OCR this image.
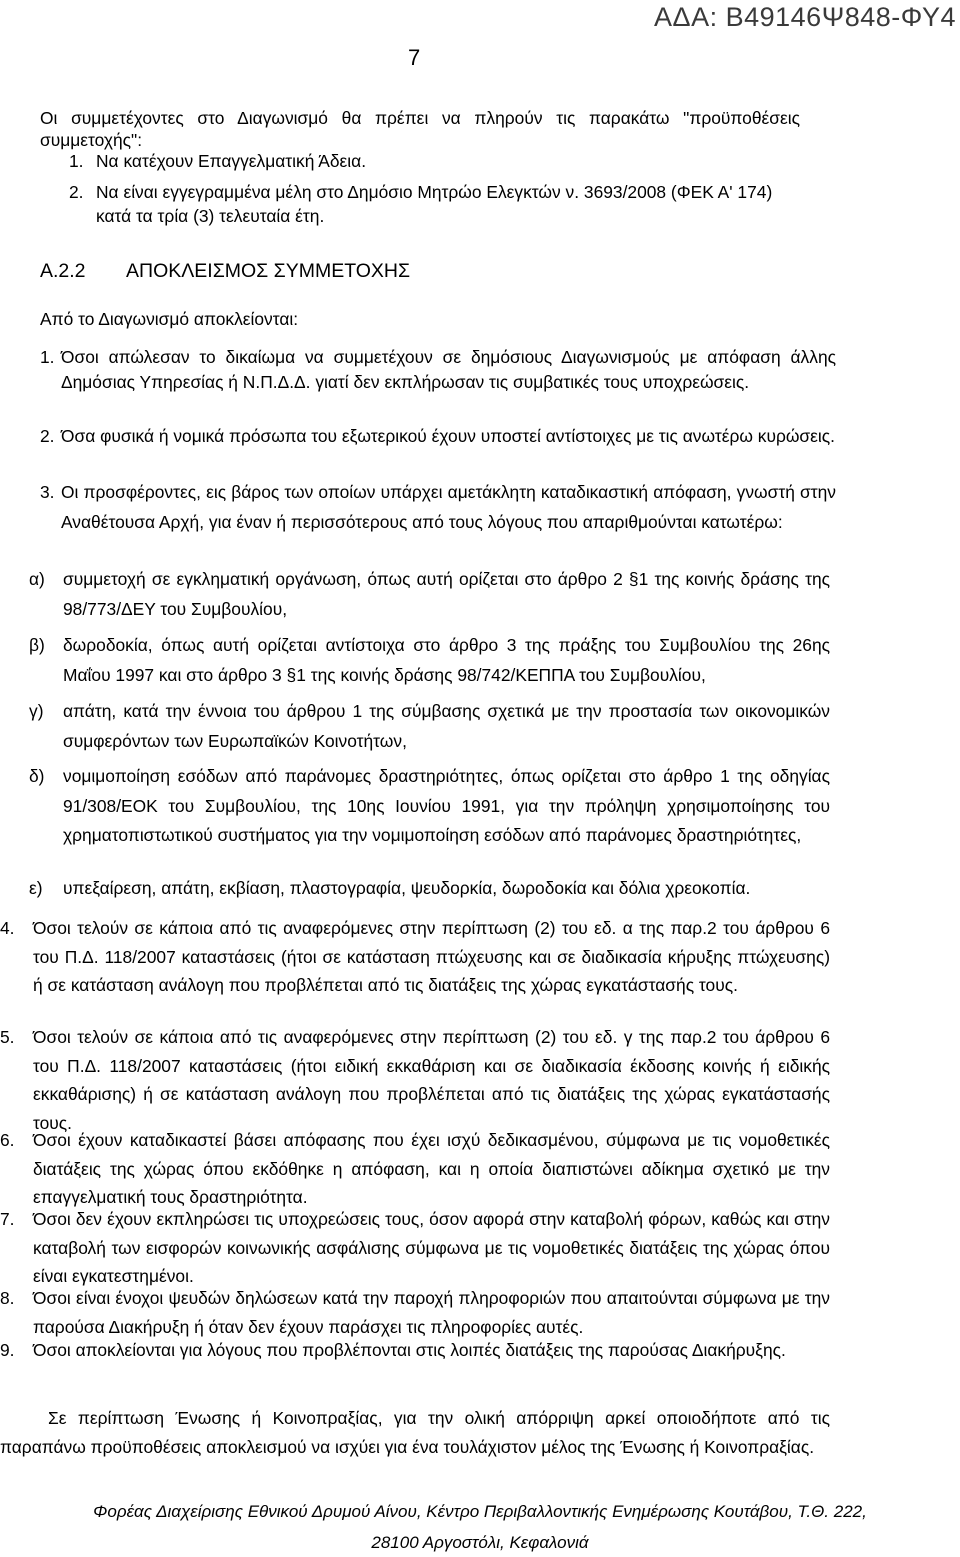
ΑΔΑ: Β49146Ψ848-ΦΥ4
7
Οι συμμετέχοντες στο Διαγωνισμό θα πρέπει να πληρούν τις παρακάτω "προϋποθέσεις συμμετοχής":
1. Να κατέχουν Επαγγελματική Άδεια.
2. Να είναι εγγεγραμμένα μέλη στο Δημόσιο Μητρώο Ελεγκτών ν. 3693/2008 (ΦΕΚ Α' 174) κατά τα τρία (3) τελευταία έτη.
Α.2.2 ΑΠΟΚΛΕΙΣΜΟΣ ΣΥΜΜΕΤΟΧΗΣ
Από το Διαγωνισμό αποκλείονται:
1. Όσοι απώλεσαν το δικαίωμα να συμμετέχουν σε δημόσιους Διαγωνισμούς με απόφαση άλλης Δημόσιας Υπηρεσίας ή Ν.Π.Δ.Δ. γιατί δεν εκπλήρωσαν τις συμβατικές τους υποχρεώσεις.
2. Όσα φυσικά ή νομικά πρόσωπα του εξωτερικού έχουν υποστεί αντίστοιχες με τις ανωτέρω κυρώσεις.
3. Οι προσφέροντες, εις βάρος των οποίων υπάρχει αμετάκλητη καταδικαστική απόφαση, γνωστή στην Αναθέτουσα Αρχή, για έναν ή περισσότερους από τους λόγους που απαριθμούνται κατωτέρω:
α) συμμετοχή σε εγκληματική οργάνωση, όπως αυτή ορίζεται στο άρθρο 2 §1 της κοινής δράσης της 98/773/ΔΕΥ του Συμβουλίου,
β) δωροδοκία, όπως αυτή ορίζεται αντίστοιχα στο άρθρο 3 της πράξης του Συμβουλίου της 26ης Μαΐου 1997 και στο άρθρο 3 §1 της κοινής δράσης 98/742/ΚΕΠΠΑ του Συμβουλίου,
γ) απάτη, κατά την έννοια του άρθρου 1 της σύμβασης σχετικά με την προστασία των οικονομικών συμφερόντων των Ευρωπαϊκών Κοινοτήτων,
δ) νομιμοποίηση εσόδων από παράνομες δραστηριότητες, όπως ορίζεται στο άρθρο 1 της οδηγίας 91/308/ΕΟΚ του Συμβουλίου, της 10ης Ιουνίου 1991, για την πρόληψη χρησιμοποίησης του χρηματοπιστωτικού συστήματος για την νομιμοποίηση εσόδων από παράνομες δραστηριότητες,
ε) υπεξαίρεση, απάτη, εκβίαση, πλαστογραφία, ψευδορκία, δωροδοκία και δόλια χρεοκοπία.
4. Όσοι τελούν σε κάποια από τις αναφερόμενες στην περίπτωση (2) του εδ. α της παρ.2 του άρθρου 6 του Π.Δ. 118/2007 καταστάσεις (ήτοι σε κατάσταση πτώχευσης και σε διαδικασία κήρυξης πτώχευσης) ή σε κατάσταση ανάλογη που προβλέπεται από τις διατάξεις της χώρας εγκατάστασής τους.
5. Όσοι τελούν σε κάποια από τις αναφερόμενες στην περίπτωση (2) του εδ. γ της παρ.2 του άρθρου 6 του Π.Δ. 118/2007 καταστάσεις (ήτοι ειδική εκκαθάριση και σε διαδικασία έκδοσης κοινής ή ειδικής εκκαθάρισης) ή σε κατάσταση ανάλογη που προβλέπεται από τις διατάξεις της χώρας εγκατάστασής τους.
6. Όσοι έχουν καταδικαστεί βάσει απόφασης που έχει ισχύ δεδικασμένου, σύμφωνα με τις νομοθετικές διατάξεις της χώρας όπου εκδόθηκε η απόφαση, και η οποία διαπιστώνει αδίκημα σχετικό με την επαγγελματική τους δραστηριότητα.
7. Όσοι δεν έχουν εκπληρώσει τις υποχρεώσεις τους, όσον αφορά στην καταβολή φόρων, καθώς και στην καταβολή των εισφορών κοινωνικής ασφάλισης σύμφωνα με τις νομοθετικές διατάξεις της χώρας όπου είναι εγκατεστημένοι.
8. Όσοι είναι ένοχοι ψευδών δηλώσεων κατά την παροχή πληροφοριών που απαιτούνται σύμφωνα με την παρούσα Διακήρυξη ή όταν δεν έχουν παράσχει τις πληροφορίες αυτές.
9. Όσοι αποκλείονται για λόγους που προβλέπονται στις λοιπές διατάξεις της παρούσας Διακήρυξης.
Σε περίπτωση Ένωσης ή Κοινοπραξίας, για την ολική απόρριψη αρκεί οποιοδήποτε από τις παραπάνω προϋποθέσεις αποκλεισμού να ισχύει για ένα τουλάχιστον μέλος της Ένωσης ή Κοινοπραξίας.
Φορέας Διαχείρισης Εθνικού Δρυμού Αίνου, Κέντρο Περιβαλλοντικής Ενημέρωσης Κουτάβου, Τ.Θ. 222,
28100 Αργοστόλι, Κεφαλονιά
